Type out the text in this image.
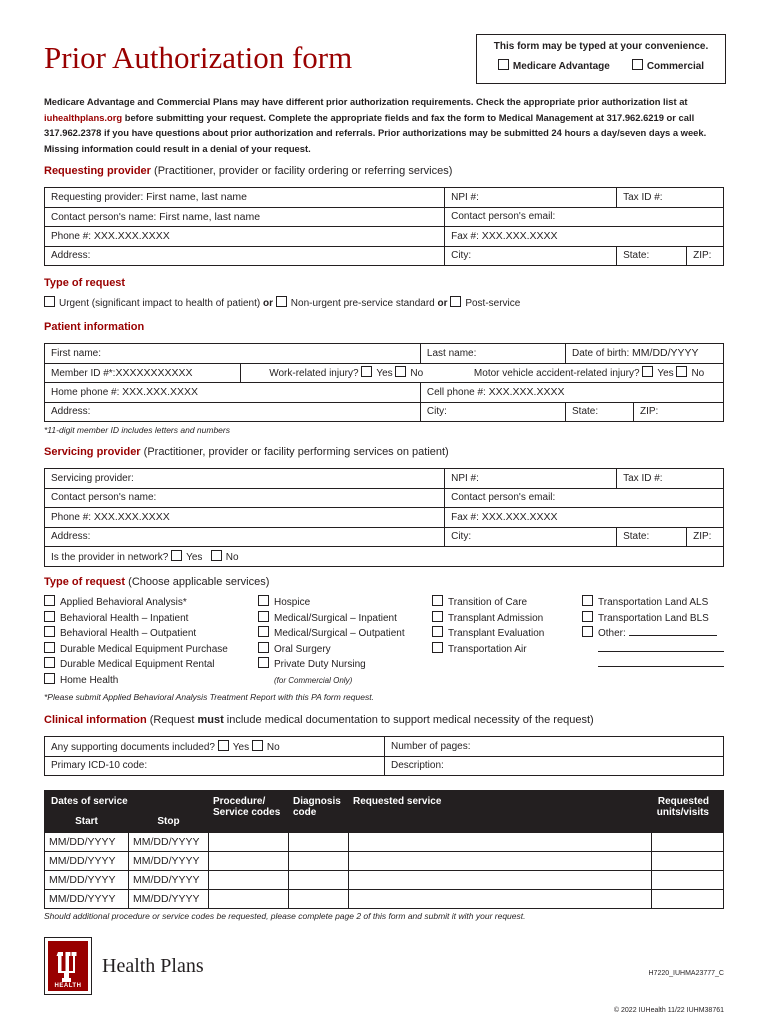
Prior Authorization form	This form may be typed at your convenience.
Medicare Advantage	Commercial
Medicare Advantage and Commercial Plans may have different prior authorization requirements. Check the appropriate prior authorization list at iuhealthplans.org before submitting your request. Complete the appropriate fields and fax the form to Medical Management at 317.962.6219 or call 317.962.2378 if you have questions about prior authorization and referrals. Prior authorizations may be submitted 24 hours a day/seven days a week. Missing information could result in a denial of your request.
Requesting provider (Practitioner, provider or facility ordering or referring services)
Requesting provider: First name, last name	NPI #:	Tax ID #:	
Contact person's name: First name, last name	Contact person's email:		
Phone #: XXX.XXX.XXXX	Fax #: XXX.XXX.XXXX		
Address:	City:	State:	ZIP:
Type of request
Urgent (significant impact to health of patient) or Non-urgent pre-service standard or Post-service
Patient information
First name:		Last name:		Date of birth: MM/DD/YYYY	
Member ID #*:XXXXXXXXXXX	Work-related injury? Yes No		Motor vehicle accident-related injury? Yes No		
Home phone #: XXX.XXX.XXXX		Cell phone #: XXX.XXX.XXXX			
Address:		City:		State:	ZIP:
*11-digit member ID includes letters and numbers
Servicing provider (Practitioner, provider or facility performing services on patient)
Servicing provider:	NPI #:	Tax ID #:	
Contact person's name:	Contact person's email:		
Phone #: XXX.XXX.XXXX	Fax #: XXX.XXX.XXXX		
Address:	City:	State:	ZIP:
Is the provider in network? Yes No			
Type of request (Choose applicable services)
Applied Behavioral Analysis*
Behavioral Health – Inpatient
Behavioral Health – Outpatient
Durable Medical Equipment Purchase
Durable Medical Equipment Rental
Home Health
Hospice
Medical/Surgical – Inpatient
Medical/Surgical – Outpatient
Oral Surgery
Private Duty Nursing
(for Commercial Only)
Transition of Care
Transplant Admission
Transplant Evaluation
Transportation Air
Transportation Land ALS
Transportation Land BLS
Other:
*Please submit Applied Behavioral Analysis Treatment Report with this PA form request.
Clinical information (Request must include medical documentation to support medical necessity of the request)
Any supporting documents included? Yes No	Number of pages:
Primary ICD-10 code:	Description:
Dates of service		Procedure/ Service codes	Diagnosis code	Requested service	Requested units/visits
Start	Stop				
MM/DD/YYYY	MM/DD/YYYY				
MM/DD/YYYY	MM/DD/YYYY				
MM/DD/YYYY	MM/DD/YYYY				
MM/DD/YYYY	MM/DD/YYYY				
Should additional procedure or service codes be requested, please complete page 2 of this form and submit it with your request.
HEALTH
Health Plans	H7220_IUHMA23777_C
© 2022 IUHealth 11/22 IUHM38761
